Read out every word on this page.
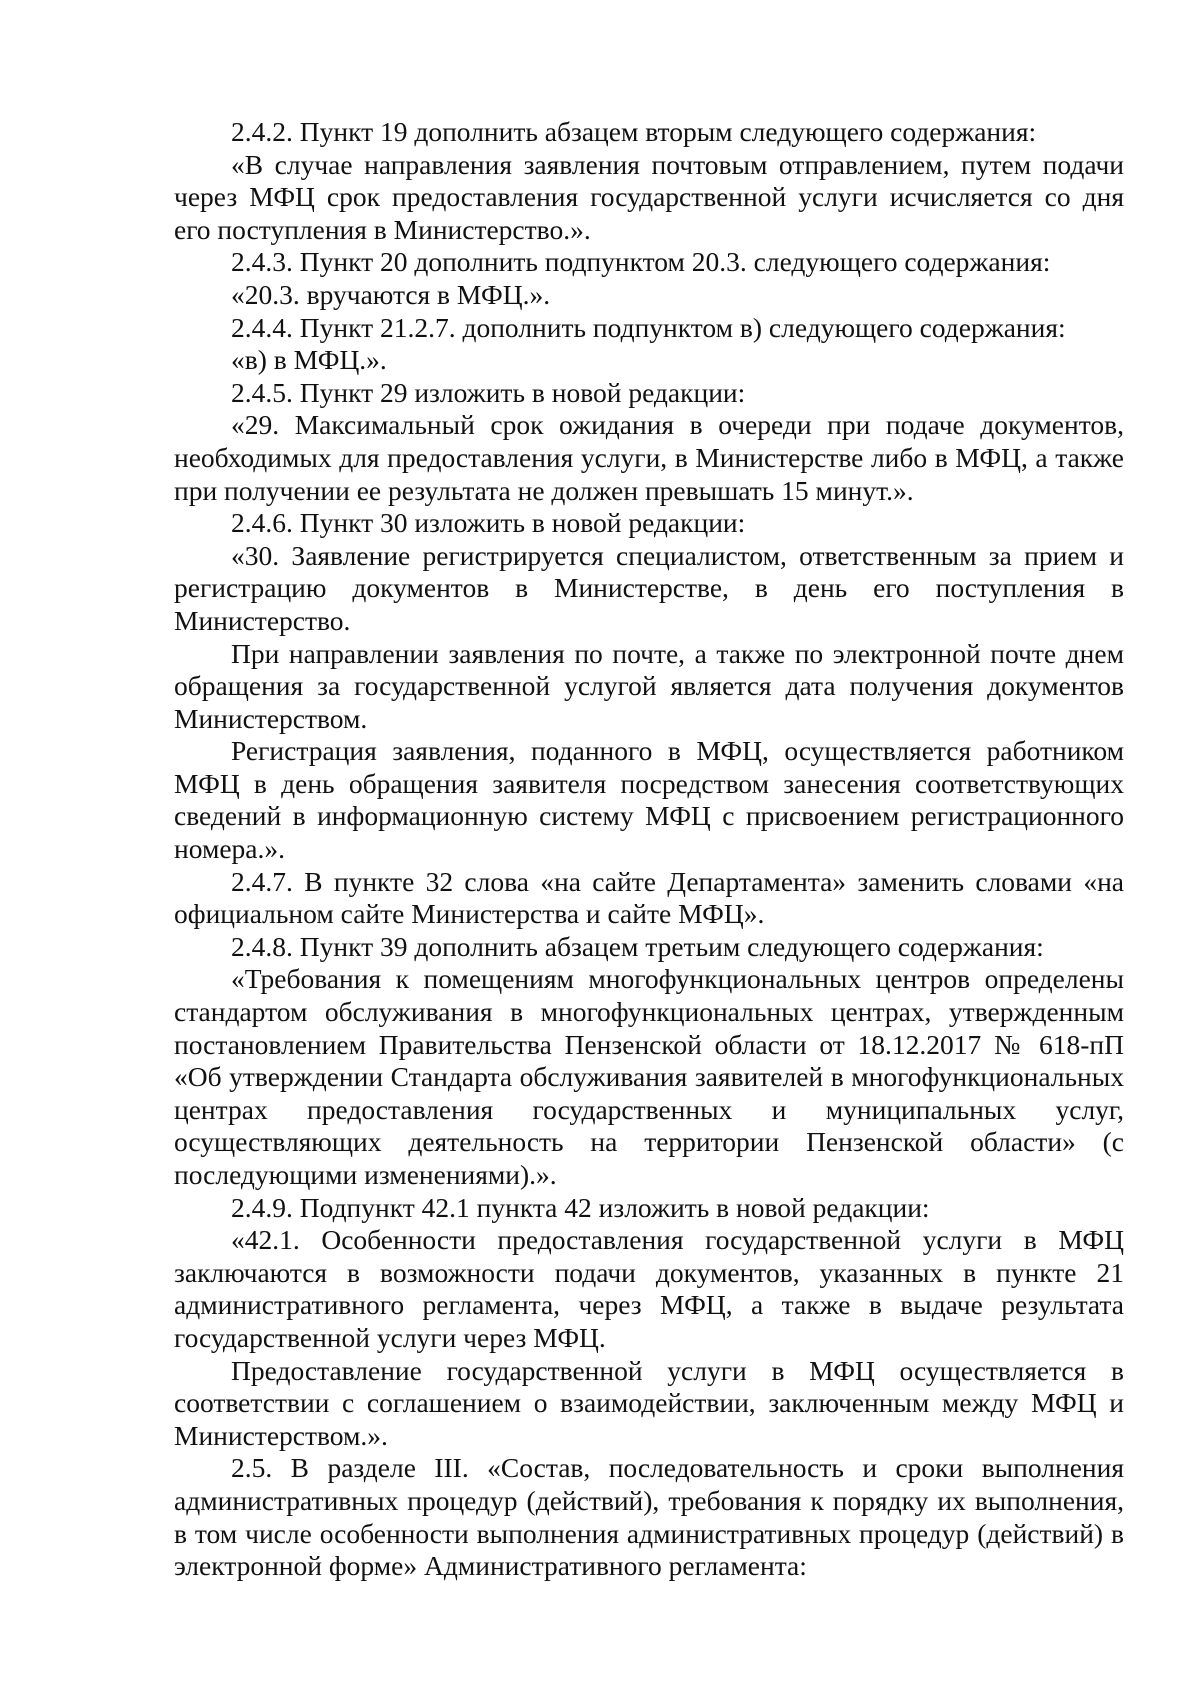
2.4.2. Пункт 19 дополнить абзацем вторым следующего содержания:

«В случае направления заявления почтовым отправлением, путем подачи через МФЦ срок предоставления государственной услуги исчисляется со дня его поступления в Министерство.».

2.4.3. Пункт 20 дополнить подпунктом 20.3. следующего содержания:

«20.3. вручаются в МФЦ.».

2.4.4. Пункт 21.2.7. дополнить подпунктом в) следующего содержания:

«в) в МФЦ.».

2.4.5. Пункт 29 изложить в новой редакции:

«29. Максимальный срок ожидания в очереди при подаче документов, необходимых для предоставления услуги, в Министерстве либо в МФЦ, а также при получении ее результата не должен превышать 15 минут.».

2.4.6. Пункт 30 изложить в новой редакции:

«30. Заявление регистрируется специалистом, ответственным за прием и регистрацию документов в Министерстве, в день его поступления в Министерство.

При направлении заявления по почте, а также по электронной почте днем обращения за государственной услугой является дата получения документов Министерством.

Регистрация заявления, поданного в МФЦ, осуществляется работником МФЦ в день обращения заявителя посредством занесения соответствующих сведений в информационную систему МФЦ с присвоением регистрационного номера.».

2.4.7. В пункте 32 слова «на сайте Департамента» заменить словами «на официальном сайте Министерства и сайте МФЦ».

2.4.8. Пункт 39 дополнить абзацем третьим следующего содержания:

«Требования к помещениям многофункциональных центров определены стандартом обслуживания в многофункциональных центрах, утвержденным постановлением Правительства Пензенской области от 18.12.2017 № 618-пП «Об утверждении Стандарта обслуживания заявителей в многофункциональных центрах предоставления государственных и муниципальных услуг, осуществляющих деятельность на территории Пензенской области» (с последующими изменениями).».

2.4.9. Подпункт 42.1 пункта 42 изложить в новой редакции:

«42.1. Особенности предоставления государственной услуги в МФЦ заключаются в возможности подачи документов, указанных в пункте 21 административного регламента, через МФЦ, а также в выдаче результата государственной услуги через МФЦ.

Предоставление государственной услуги в МФЦ осуществляется в соответствии с соглашением о взаимодействии, заключенным между МФЦ и Министерством.».

2.5. В разделе III. «Состав, последовательность и сроки выполнения административных процедур (действий), требования к порядку их выполнения, в том числе особенности выполнения административных процедур (действий) в электронной форме» Административного регламента:
